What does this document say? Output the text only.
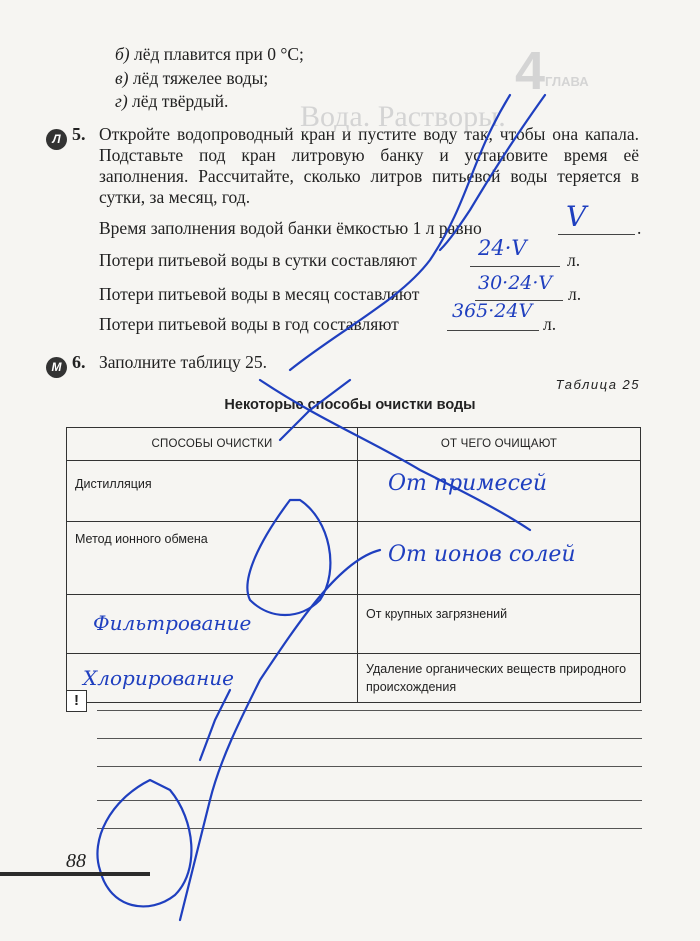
ГЛАВА
4
Вода. Растворы.
б) лёд плавится при 0 °С;
в) лёд тяжелее воды;
г) лёд твёрдый.
Л 5. Откройте водопроводный кран и пустите воду так, чтобы она капала. Подставьте под кран литровую банку и установите время её заполнения. Рассчитайте, сколько литров питьевой воды теряется в сутки, за месяц, год.
Время заполнения водой банки ёмкостью 1 л равно	V	.
Потери питьевой воды в сутки составляют	24·V л.
Потери питьевой воды в месяц составляют	30·24·V л.
Потери питьевой воды в год составляют
365·24V
л.
М 6. Заполните таблицу 25.
Таблица 25
Некоторые способы очистки воды
СПОСОБЫ ОЧИСТКИ	ОТ ЧЕГО ОЧИЩАЮТ
Дистилляция	От примесей
Метод ионного обмена	От ионов солей
Фильтрование	От крупных загрязнений
Хлорирование	Удаление органических веществ природного происхождения
!
88
